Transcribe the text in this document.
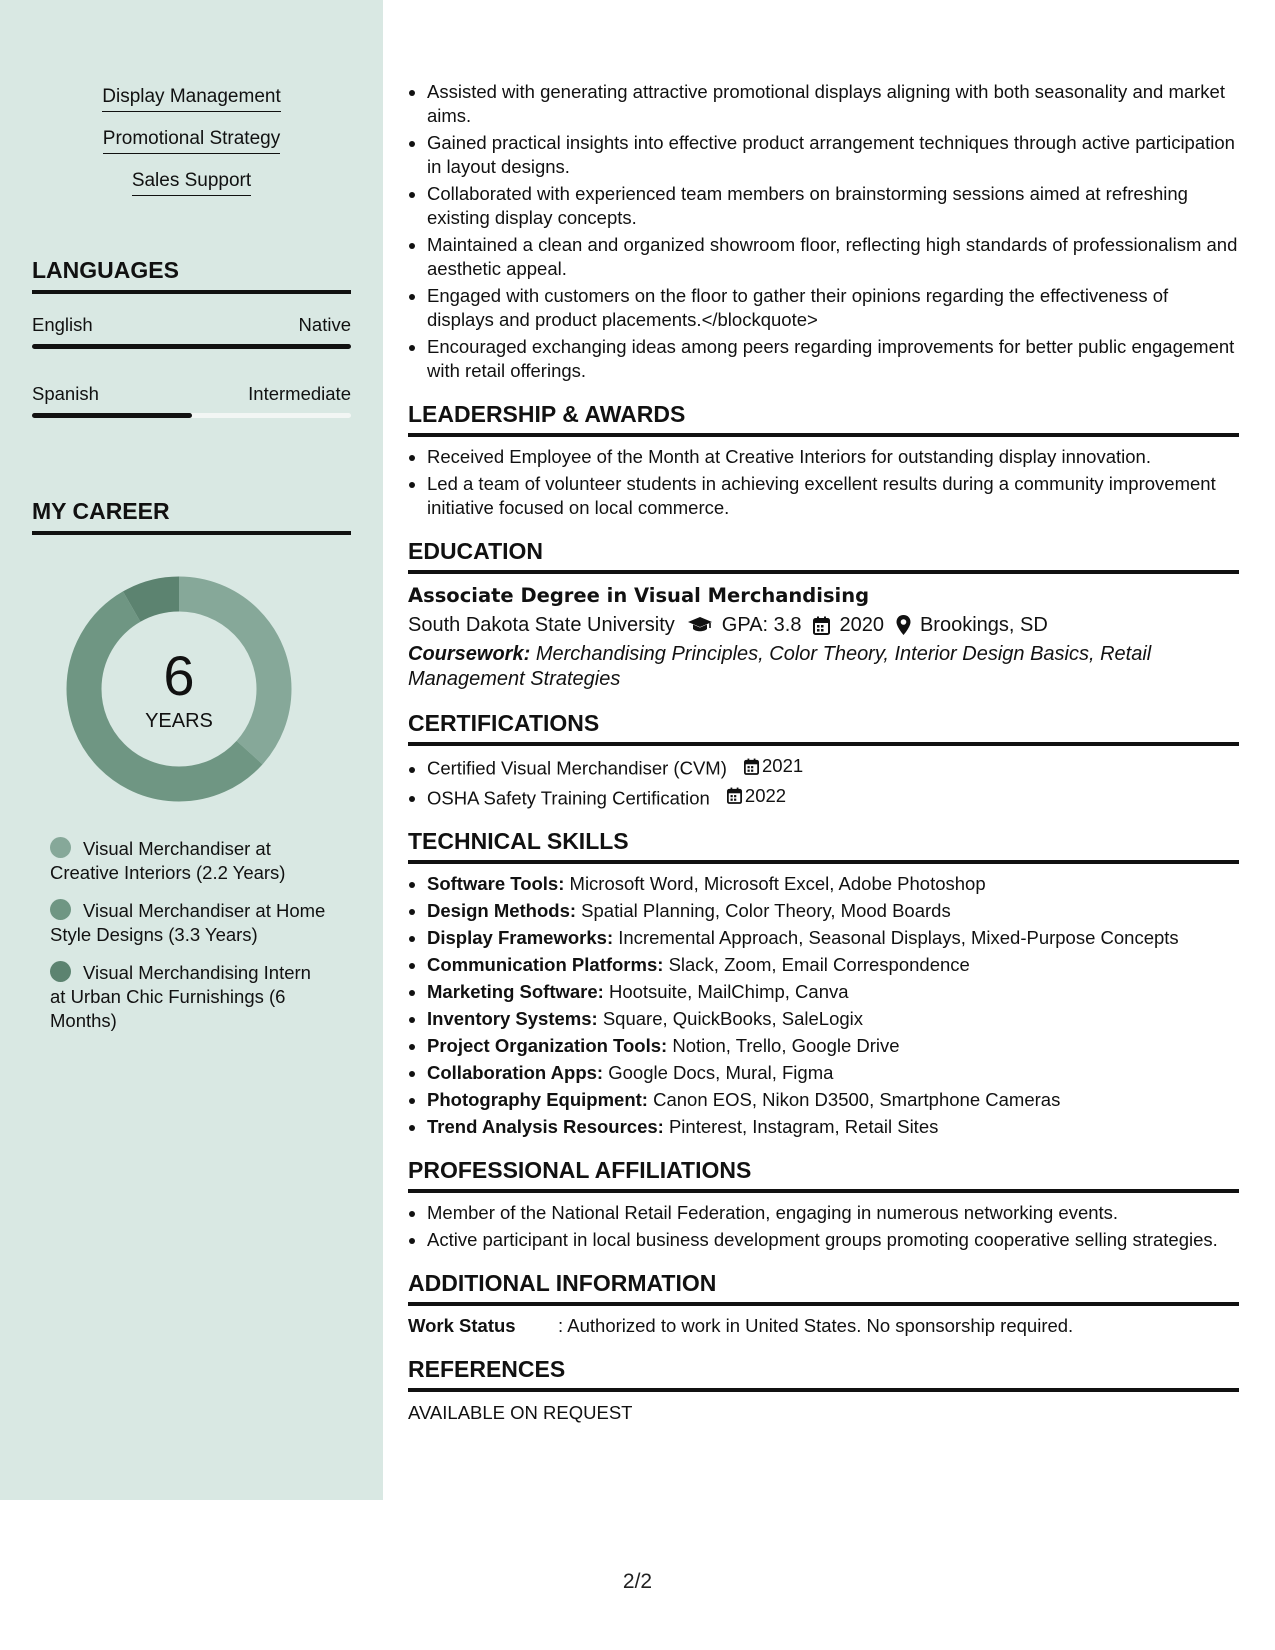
Display Management
Promotional Strategy
Sales Support
LANGUAGES
English	Native
Spanish	Intermediate
MY CAREER
6
YEARS
Visual Merchandiser at Creative Interiors (2.2 Years)
Visual Merchandiser at Home Style Designs (3.3 Years)
Visual Merchandising Intern at Urban Chic Furnishings (6 Months)
• Assisted with generating attractive promotional displays aligning with both seasonality and market aims.
• Gained practical insights into effective product arrangement techniques through active participation in layout designs.
• Collaborated with experienced team members on brainstorming sessions aimed at refreshing existing display concepts.
• Maintained a clean and organized showroom floor, reflecting high standards of professionalism and aesthetic appeal.
• Engaged with customers on the floor to gather their opinions regarding the effectiveness of displays and product placements.</blockquote>
• Encouraged exchanging ideas among peers regarding improvements for better public engagement with retail offerings.
LEADERSHIP & AWARDS
• Received Employee of the Month at Creative Interiors for outstanding display innovation.
• Led a team of volunteer students in achieving excellent results during a community improvement initiative focused on local commerce.
EDUCATION
Associate Degree in Visual Merchandising
South Dakota State University GPA: 3.8 2020 Brookings, SD
Coursework: Merchandising Principles, Color Theory, Interior Design Basics, Retail Management Strategies
CERTIFICATIONS
• Certified Visual Merchandiser (CVM) 2021
• OSHA Safety Training Certification 2022
TECHNICAL SKILLS
• Software Tools: Microsoft Word, Microsoft Excel, Adobe Photoshop
• Design Methods: Spatial Planning, Color Theory, Mood Boards
• Display Frameworks: Incremental Approach, Seasonal Displays, Mixed-Purpose Concepts
• Communication Platforms: Slack, Zoom, Email Correspondence
• Marketing Software: Hootsuite, MailChimp, Canva
• Inventory Systems: Square, QuickBooks, SaleLogix
• Project Organization Tools: Notion, Trello, Google Drive
• Collaboration Apps: Google Docs, Mural, Figma
• Photography Equipment: Canon EOS, Nikon D3500, Smartphone Cameras
• Trend Analysis Resources: Pinterest, Instagram, Retail Sites
PROFESSIONAL AFFILIATIONS
• Member of the National Retail Federation, engaging in numerous networking events.
• Active participant in local business development groups promoting cooperative selling strategies.
ADDITIONAL INFORMATION
Work Status	: Authorized to work in United States. No sponsorship required.
REFERENCES
AVAILABLE ON REQUEST
2/2
